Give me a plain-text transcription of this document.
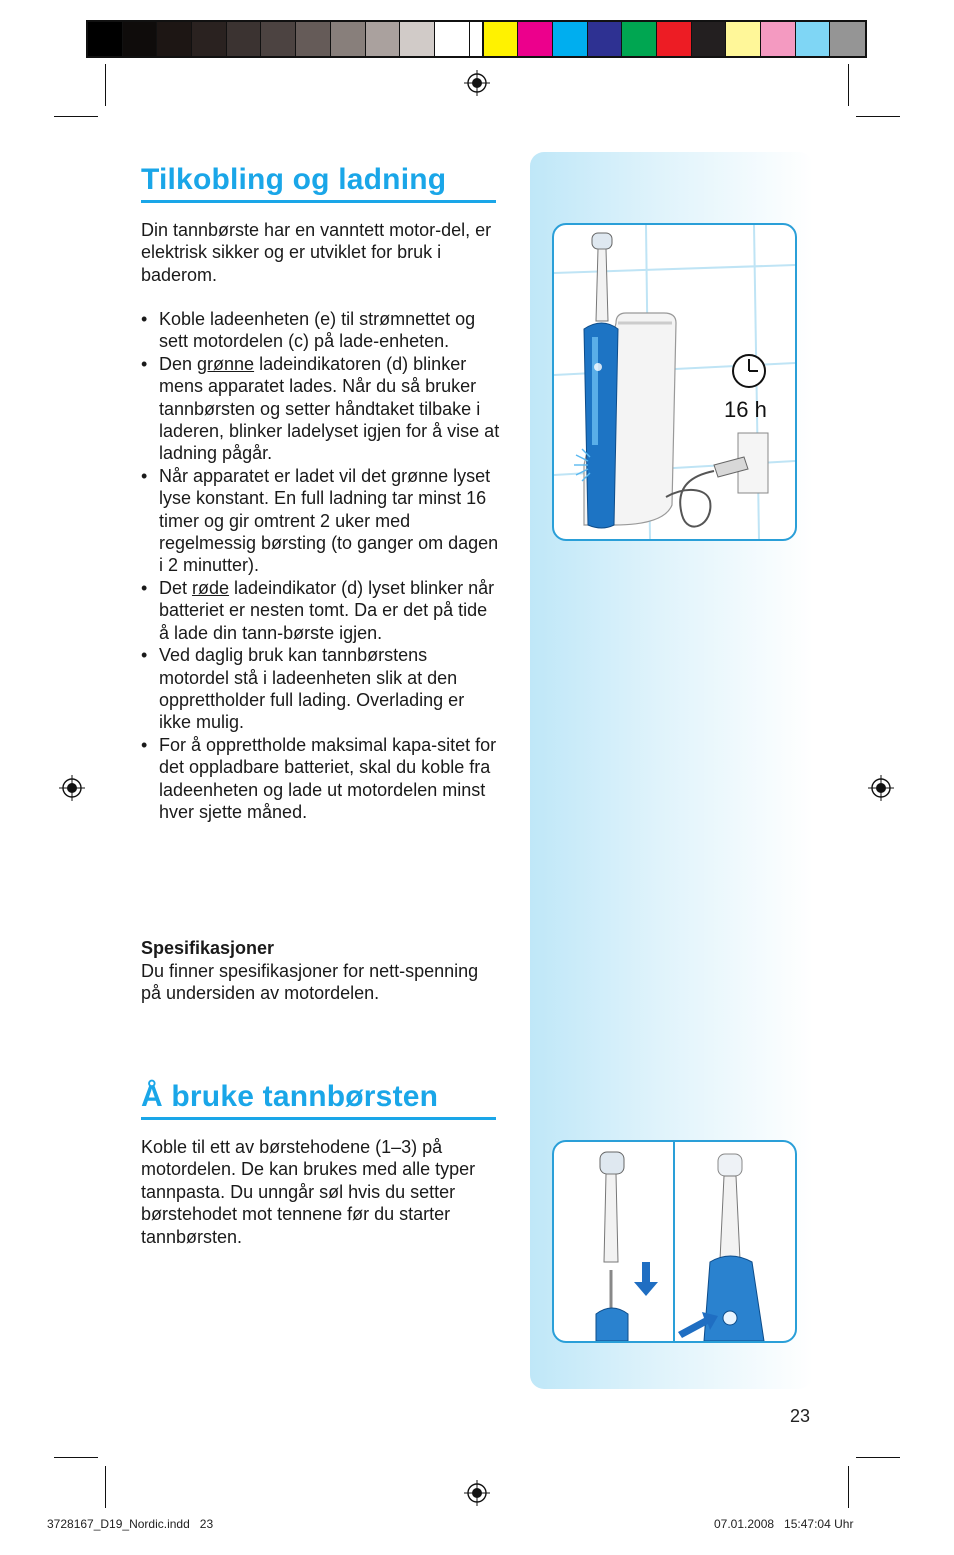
Tilkobling og ladning

Din tannbørste har en vanntett motor-del, er elektrisk sikker og er utviklet for bruk i baderom.

• Koble ladeenheten (e) til strømnettet og sett motordelen (c) på lade-enheten.
• Den grønne ladeindikatoren (d) blinker mens apparatet lades. Når du så bruker tannbørsten og setter håndtaket tilbake i laderen, blinker ladelyset igjen for å vise at ladning pågår.
• Når apparatet er ladet vil det grønne lyset lyse konstant. En full ladning tar minst 16 timer og gir omtrent 2 uker med regelmessig børsting (to ganger om dagen i 2 minutter).
• Det røde ladeindikator (d) lyset blinker når batteriet er nesten tomt. Da er det på tide å lade din tann-børste igjen.
• Ved daglig bruk kan tannbørstens motordel stå i ladeenheten slik at den opprettholder full lading. Overlading er ikke mulig.
• For å opprettholde maksimal kapa-sitet for det oppladbare batteriet, skal du koble fra ladeenheten og lade ut motordelen minst hver sjette måned.
Spesifikasjoner

Du finner spesifikasjoner for nett-spenning på undersiden av motordelen.

Å bruke tannbørsten

Koble til ett av børstehodene (1–3) på motordelen. De kan brukes med alle typer tannpasta. Du unngår søl hvis du setter børstehodet mot tennene før du starter tannbørsten.

16 h
23
3728167_D19_Nordic.indd   23	07.01.2008   15:47:04 Uhr
